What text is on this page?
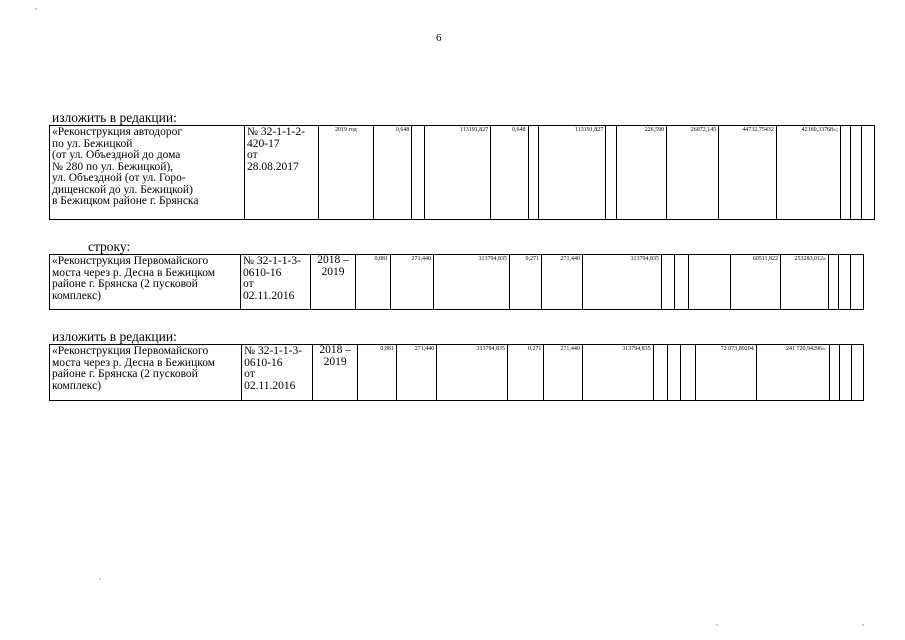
6
изложить в редакции:
«Реконструкция автодорог
по ул. Бежицкой
(от ул. Объездной до дома
№ 280 по ул. Бежицкой),
ул. Объездной (от ул. Горо-
дищенской до ул. Бежицкой)
в Бежицком районе г. Брянска	№ 32-1-1-2-
420-17
от
28.08.2017	2019 год	0,648		113191,827	0,648		113191,827		226,590	26072,145	44732,75432	42160,33768»;			
строку:
«Реконструкция Первомайского
моста через р. Десна в Бежицком
районе г. Брянска (2 пусковой
комплекс)	№ 32-1-1-3-
0610-16
от
02.11.2016	2018 –
2019	0,881	271,440	313794,835	0,271	271,440	313794,835				60511,822	253283,012»			
изложить в редакции:
«Реконструкция Первомайского
моста через р. Десна в Бежицком
районе г. Брянска (2 пусковой
комплекс)	№ 32-1-1-3-
0610-16
от
02.11.2016	2018 –
2019	0,881	271,440	313794,835	0,271	271,440	313794,835				72 073,89204	241 720,94296».			
